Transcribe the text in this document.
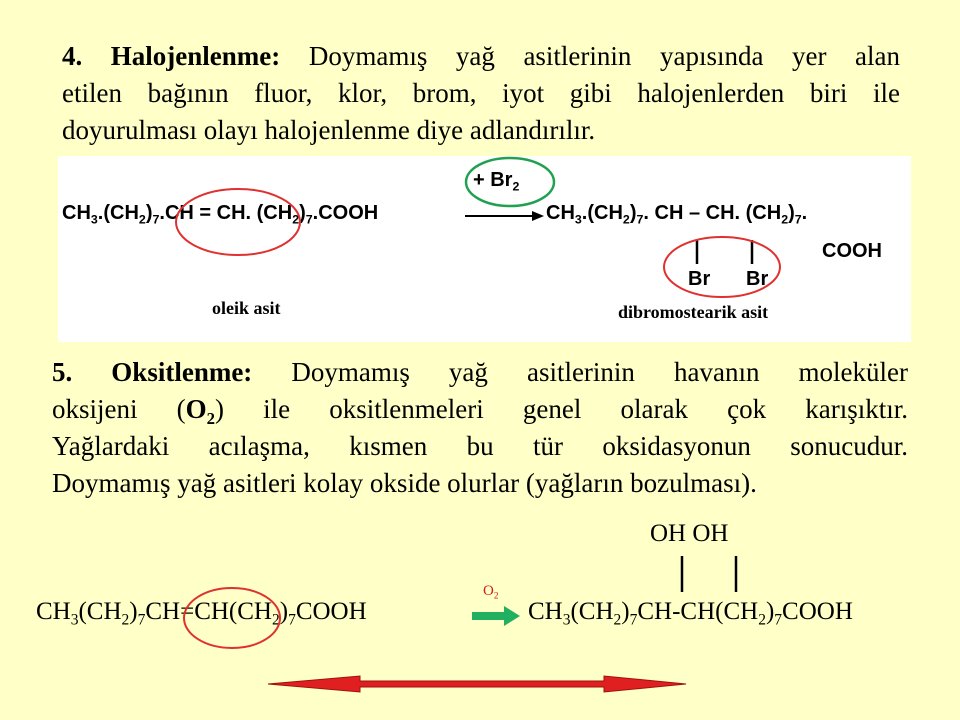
4. Halojenlenme: Doymamış yağ asitlerinin yapısında yer alan
etilen bağının fluor, klor, brom, iyot gibi halojenlerden biri ile
doyurulması olayı halojenlenme diye adlandırılır.
$CH_3.(CH_2)_7.CH$ = CH. $(CH_2)_7.COOH$	$CH_3.(CH_2)_7$. CH – CH. $(CH_2)_7$.
COOH
Br Br
+ $Br_2$
oleik asit	dibromostearik asit
5. Oksitlenme: Doymamış yağ asitlerinin havanın moleküler
oksijeni $(O_2)$ ile oksitlenmeleri genel olarak çok karışıktır.
Yağlardaki acılaşma, kısmen bu tür oksidasyonun sonucudur.
Doymamış yağ asitleri kolay okside olurlar (yağların bozulması).
OH OH
$CH_3(CH_2)_7CH=CH(CH_2)_7COOH$	$CH_3(CH_2)_7CH-CH(CH_2)_7COOH$
$O_2$
